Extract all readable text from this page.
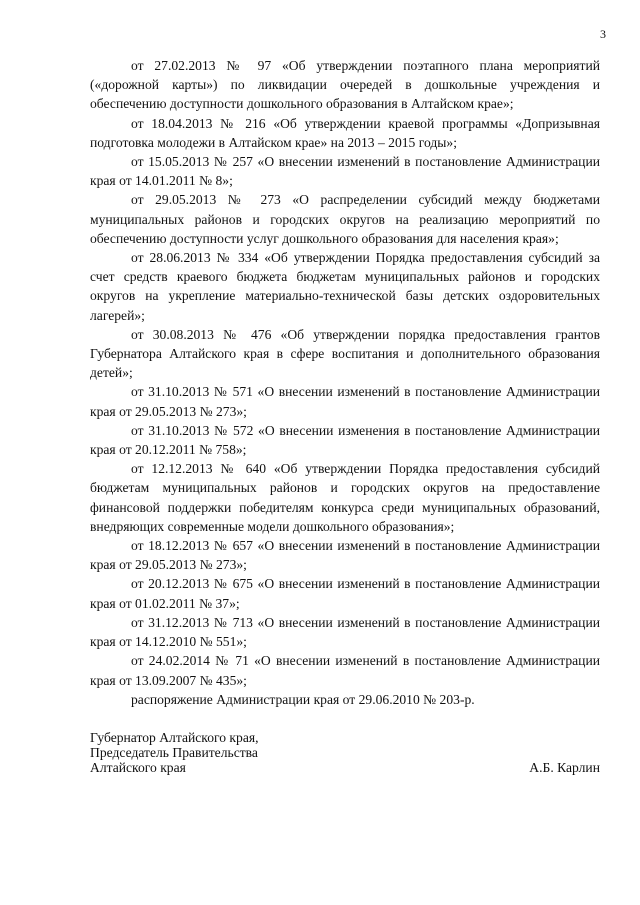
3

от 27.02.2013 № 97 «Об утверждении поэтапного плана мероприятий («дорожной карты») по ликвидации очередей в дошкольные учреждения и обеспечению доступности дошкольного образования в Алтайском крае»;

от 18.04.2013 № 216 «Об утверждении краевой программы «Допризывная подготовка молодежи в Алтайском крае» на 2013 – 2015 годы»;

от 15.05.2013 № 257 «О внесении изменений в постановление Администрации края от 14.01.2011 № 8»;

от 29.05.2013 № 273 «О распределении субсидий между бюджетами муниципальных районов и городских округов на реализацию мероприятий по обеспечению доступности услуг дошкольного образования для населения края»;

от 28.06.2013 № 334 «Об утверждении Порядка предоставления субсидий за счет средств краевого бюджета бюджетам муниципальных районов и городских округов на укрепление материально-технической базы детских оздоровительных лагерей»;

от 30.08.2013 № 476 «Об утверждении порядка предоставления грантов Губернатора Алтайского края в сфере воспитания и дополнительного образования детей»;

от 31.10.2013 № 571 «О внесении изменений в постановление Администрации края от 29.05.2013 № 273»;

от 31.10.2013 № 572 «О внесении изменения в постановление Администрации края от 20.12.2011 № 758»;

от 12.12.2013 № 640 «Об утверждении Порядка предоставления субсидий бюджетам муниципальных районов и городских округов на предоставление финансовой поддержки победителям конкурса среди муниципальных образований, внедряющих современные модели дошкольного образования»;

от 18.12.2013 № 657 «О внесении изменений в постановление Администрации края от 29.05.2013 № 273»;

от 20.12.2013 № 675 «О внесении изменений в постановление Администрации края от 01.02.2011 № 37»;

от 31.12.2013 № 713 «О внесении изменений в постановление Администрации края от 14.12.2010 № 551»;

от 24.02.2014 № 71 «О внесении изменений в постановление Администрации края от 13.09.2007 № 435»;

распоряжение Администрации края от 29.06.2010 № 203-р.

Губернатор Алтайского края,
Председатель Правительства
Алтайского края	А.Б. Карлин
